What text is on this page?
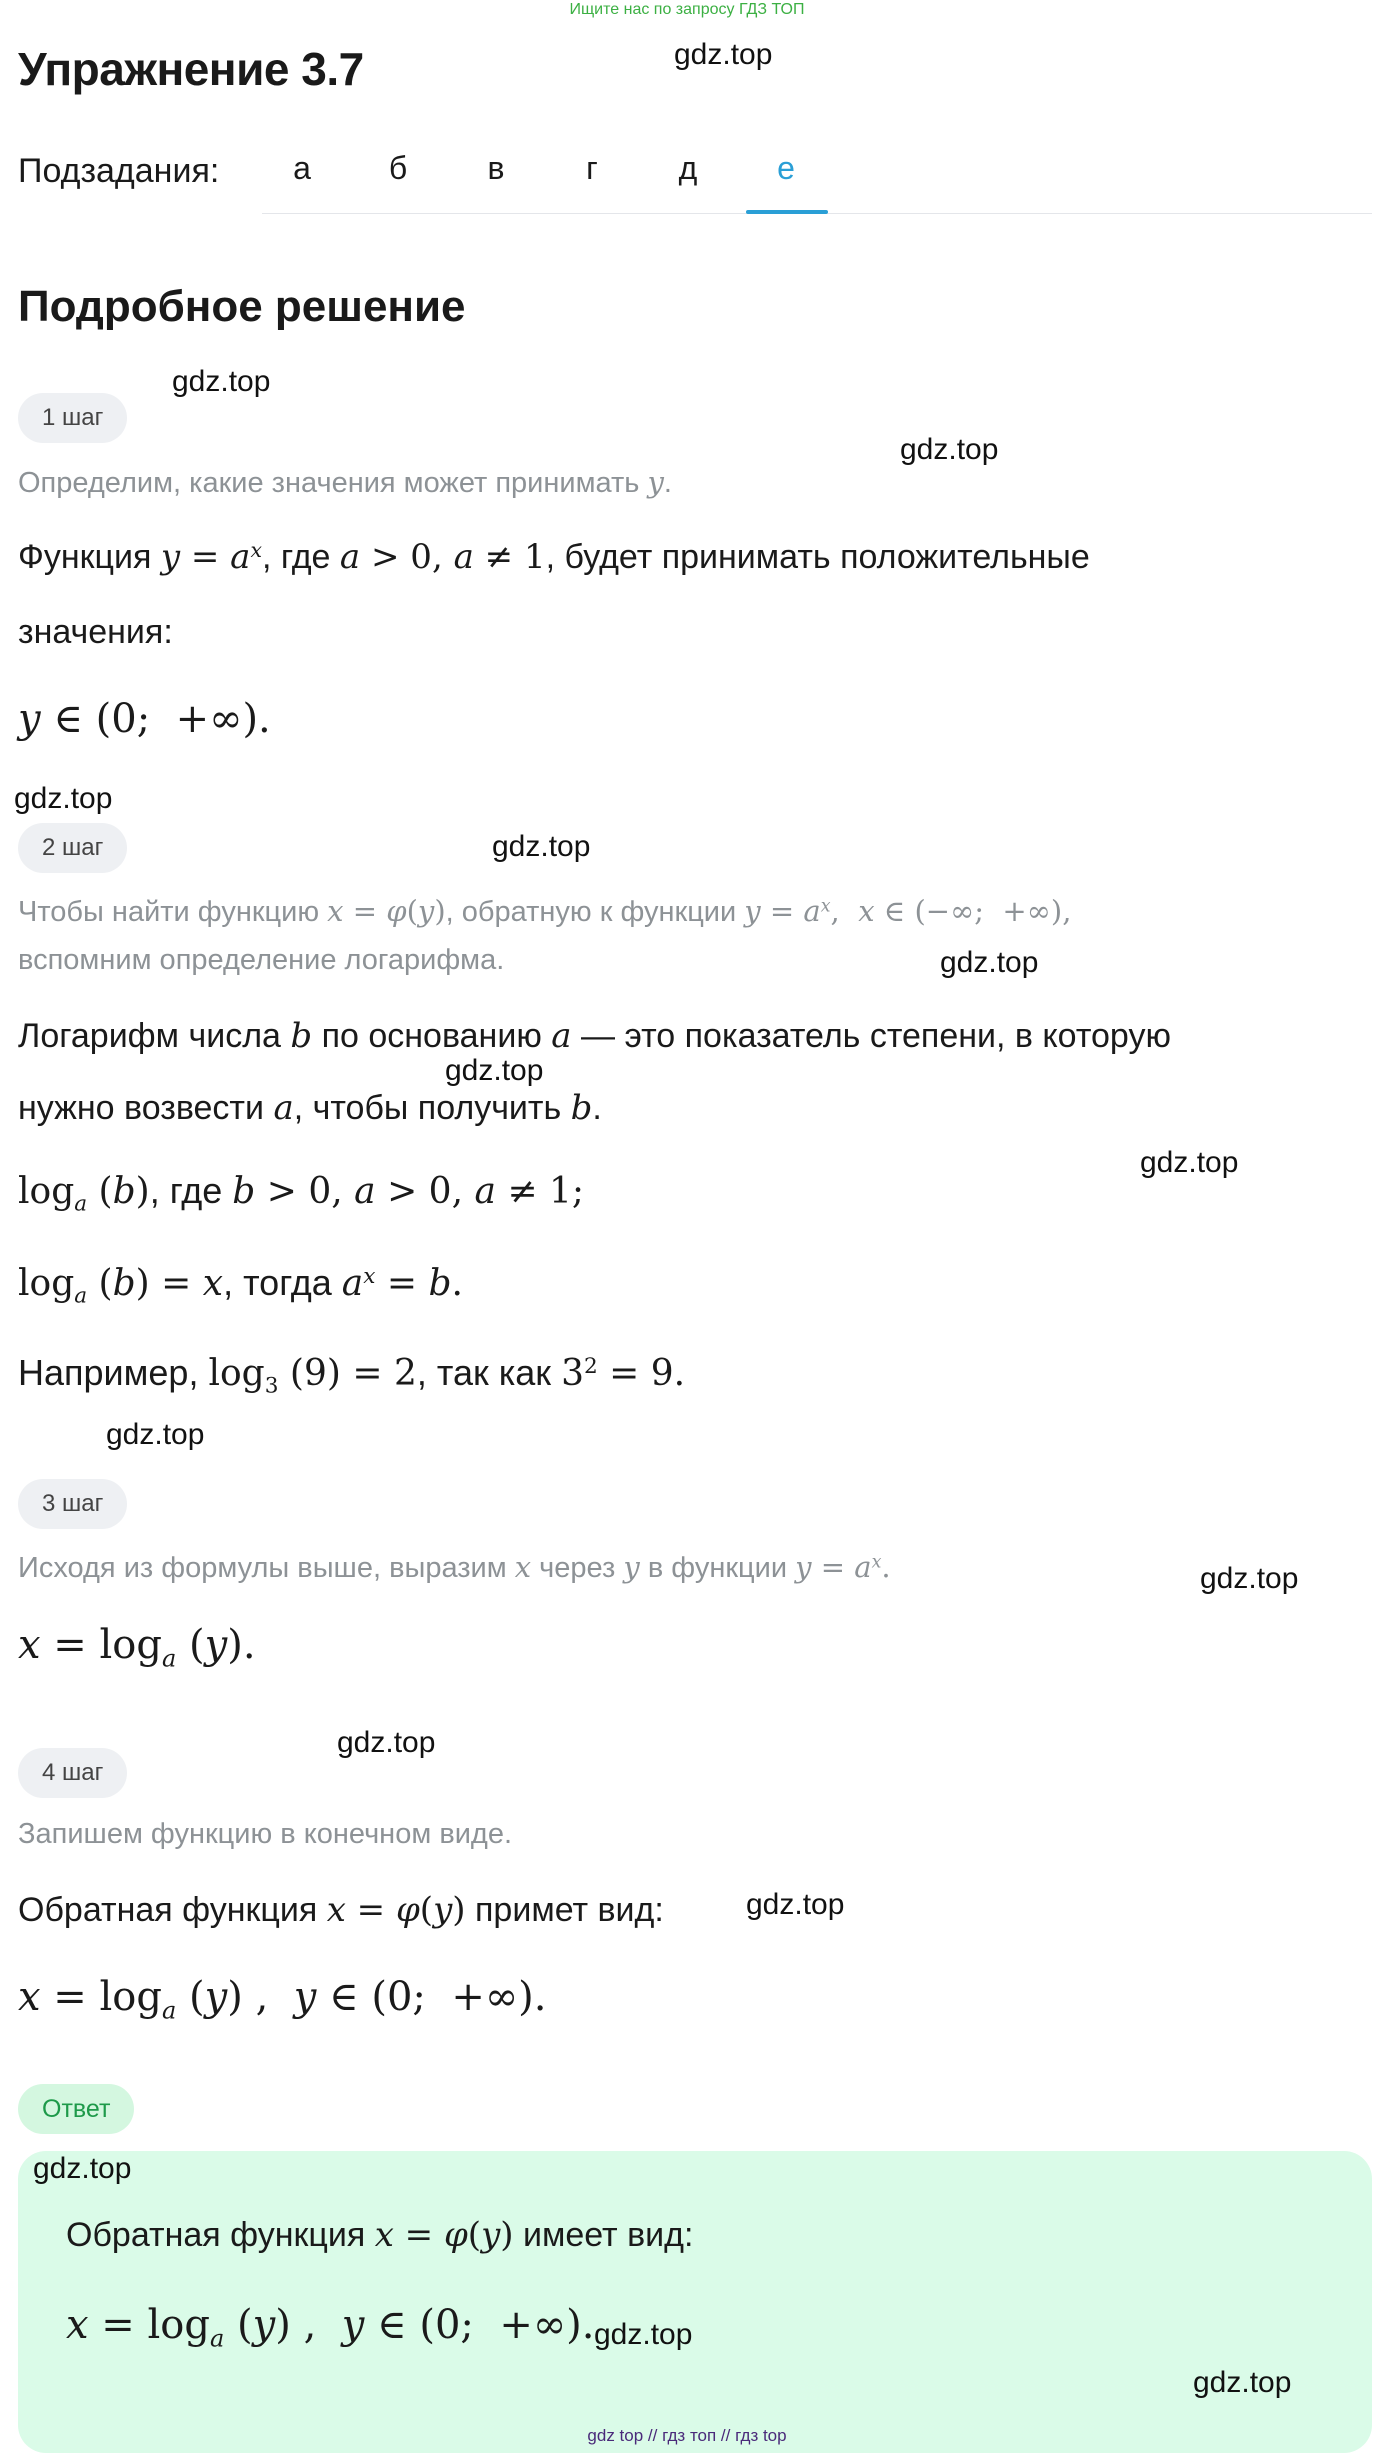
Ищите нас по запросу ГДЗ ТОП
Упражнение 3.7
Подзадания:	а	б	в	г	д	е
Подробное решение
1 шаг
Определим, какие значения может принимать y.
Функция $y = a^x$, где a > 0, a ≠ 1, будет принимать положительные
значения:
y ∈ (0;  +∞).
2 шаг
Чтобы найти функцию x = φ(y), обратную к функции $y = a^x$,  x ∈ (−∞;  +∞),
вспомним определение логарифма.
Логарифм числа b по основанию a — это показатель степени, в которую
нужно возвести a, чтобы получить b.
$\log_a (b)$, где b > 0, a > 0, a ≠ 1;
$\log_a (b) = x$, тогда $a^x = b$.
Например, $\log_3 (9) = 2$, так как $3^2 = 9$.
3 шаг
Исходя из формулы выше, выразим x через y в функции $y = a^x$.
$x = \log_a (y)$.
4 шаг
Запишем функцию в конечном виде.
Обратная функция x = φ(y) примет вид:
$x = \log_a (y)$ ,  y ∈ (0;  +∞).
Ответ
Обратная функция x = φ(y) имеет вид:
$x = \log_a (y)$ ,  y ∈ (0;  +∞).
gdz.top
gdz.top
gdz.top
gdz.top
gdz.top
gdz.top
gdz.top
gdz.top
gdz.top
gdz.top
gdz.top
gdz.top
gdz.top
gdz.top
gdz.top
gdz top // гдз топ // гдз top
